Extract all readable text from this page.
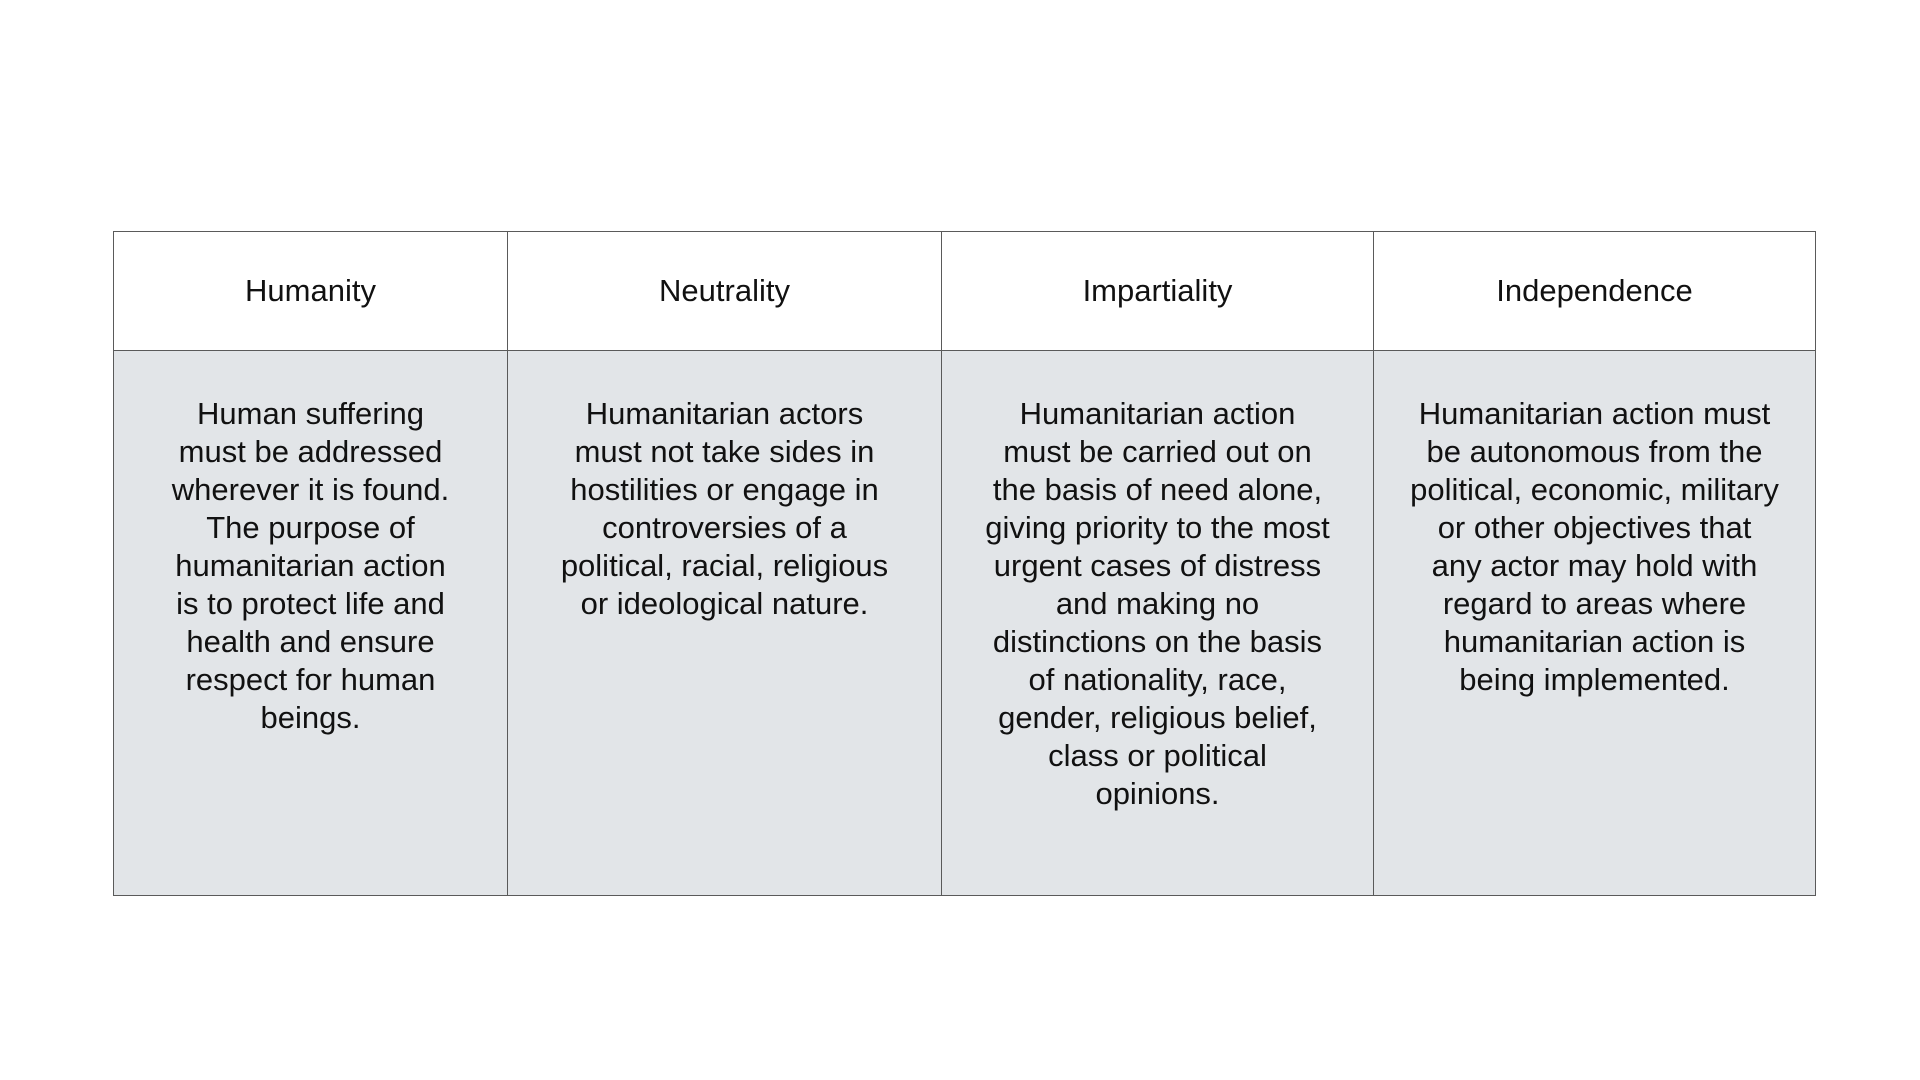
Humanity	Neutrality	Impartiality	Independence

Human suffering must be addressed wherever it is found. The purpose of humanitarian action is to protect life and health and ensure respect for human beings.	Humanitarian actors must not take sides in hostilities or engage in controversies of a political, racial, religious or ideological nature.	Humanitarian action must be carried out on the basis of need alone, giving priority to the most urgent cases of distress and making no distinctions on the basis of nationality, race, gender, religious belief, class or political opinions.	Humanitarian action must be autonomous from the political, economic, military or other objectives that any actor may hold with regard to areas where humanitarian action is being implemented.
